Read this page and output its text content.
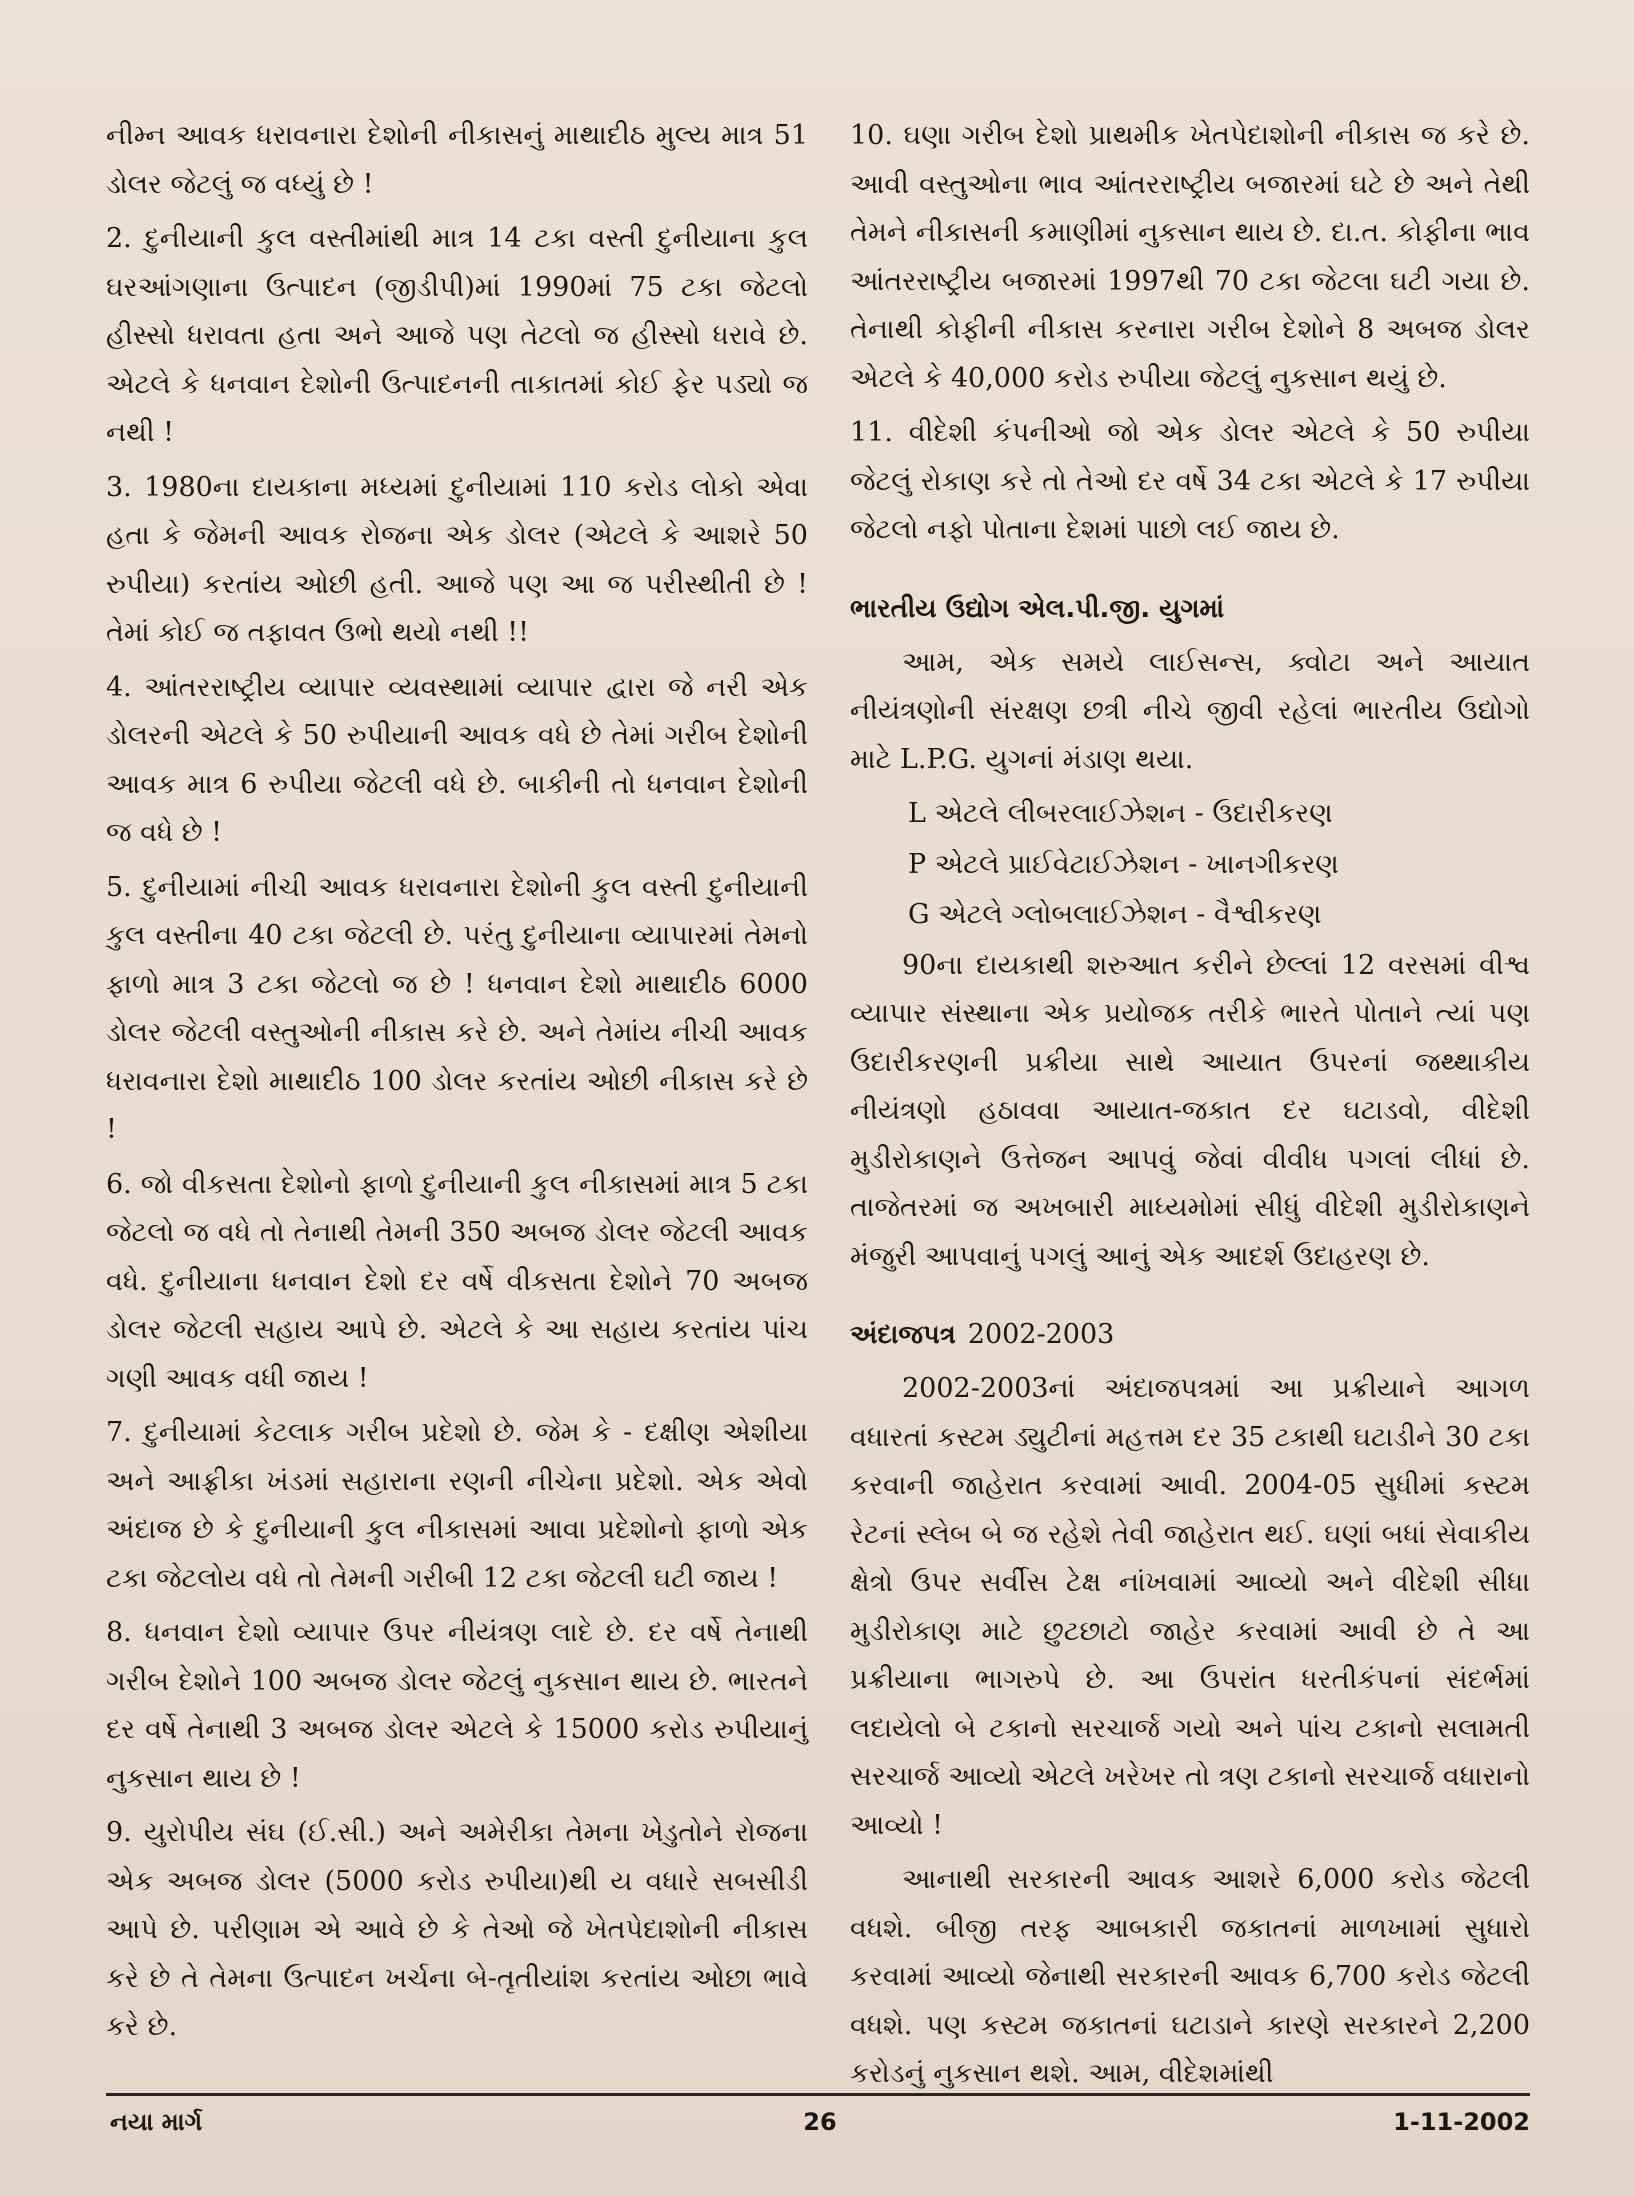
નીમ્ન આવક ધરાવનારા દેશોની નીકાસનું માથાદીઠ મુલ્ય માત્ર 51 ડોલર જેટલું જ વધ્યું છે !

2. દુનીયાની કુલ વસ્તીમાંથી માત્ર 14 ટકા વસ્તી દુનીયાના કુલ ઘરઆંગણાના ઉત્પાદન (જીડીપી)માં 1990માં 75 ટકા જેટલો હીસ્સો ધરાવતા હતા અને આજે પણ તેટલો જ હીસ્સો ધરાવે છે. એટલે કે ધનવાન દેશોની ઉત્પાદનની તાકાતમાં કોઈ ફેર પડ્યો જ નથી !

3. 1980ના દાયકાના મધ્યમાં દુનીયામાં 110 કરોડ લોકો એવા હતા કે જેમની આવક રોજના એક ડોલર (એટલે કે આશરે 50 રુપીયા) કરતાંય ઓછી હતી. આજે પણ આ જ પરીસ્થીતી છે ! તેમાં કોઈ જ તફાવત ઉભો થયો નથી !!

4. આંતરરાષ્ટ્રીય વ્યાપાર વ્યવસ્થામાં વ્યાપાર દ્વારા જે નરી એક ડોલરની એટલે કે 50 રુપીયાની આવક વધે છે તેમાં ગરીબ દેશોની આવક માત્ર 6 રુપીયા જેટલી વધે છે. બાકીની તો ધનવાન દેશોની જ વધે છે !

5. દુનીયામાં નીચી આવક ધરાવનારા દેશોની કુલ વસ્તી દુનીયાની કુલ વસ્તીના 40 ટકા જેટલી છે. પરંતુ દુનીયાના વ્યાપારમાં તેમનો ફાળો માત્ર 3 ટકા જેટલો જ છે ! ધનવાન દેશો માથાદીઠ 6000 ડોલર જેટલી વસ્તુઓની નીકાસ કરે છે. અને તેમાંય નીચી આવક ધરાવનારા દેશો માથાદીઠ 100 ડોલર કરતાંય ઓછી નીકાસ કરે છે !

6. જો વીકસતા દેશોનો ફાળો દુનીયાની કુલ નીકાસમાં માત્ર 5 ટકા જેટલો જ વધે તો તેનાથી તેમની 350 અબજ ડોલર જેટલી આવક વધે. દુનીયાના ધનવાન દેશો દર વર્ષે વીકસતા દેશોને 70 અબજ ડોલર જેટલી સહાય આપે છે. એટલે કે આ સહાય કરતાંય પાંચ ગણી આવક વધી જાય !

7. દુનીયામાં કેટલાક ગરીબ પ્રદેશો છે. જેમ કે - દક્ષીણ એશીયા અને આફ્રીકા ખંડમાં સહારાના રણની નીચેના પ્રદેશો. એક એવો અંદાજ છે કે દુનીયાની કુલ નીકાસમાં આવા પ્રદેશોનો ફાળો એક ટકા જેટલોય વધે તો તેમની ગરીબી 12 ટકા જેટલી ઘટી જાય !

8. ધનવાન દેશો વ્યાપાર ઉપર નીયંત્રણ લાદે છે. દર વર્ષે તેનાથી ગરીબ દેશોને 100 અબજ ડોલર જેટલું નુકસાન થાય છે. ભારતને દર વર્ષે તેનાથી 3 અબજ ડોલર એટલે કે 15000 કરોડ રુપીયાનું નુકસાન થાય છે !

9. યુરોપીય સંઘ (ઈ.સી.) અને અમેરીકા તેમના ખેડુતોને રોજના એક અબજ ડોલર (5000 કરોડ રુપીયા)થી ય વધારે સબસીડી આપે છે. પરીણામ એ આવે છે કે તેઓ જે ખેતપેદાશોની નીકાસ કરે છે તે તેમના ઉત્પાદન ખર્ચના બે-તૃતીયાંશ કરતાંય ઓછા ભાવે કરે છે.

10. ઘણા ગરીબ દેશો પ્રાથમીક ખેતપેદાશોની નીકાસ જ કરે છે. આવી વસ્તુઓના ભાવ આંતરરાષ્ટ્રીય બજારમાં ઘટે છે અને તેથી તેમને નીકાસની કમાણીમાં નુકસાન થાય છે. દા.ત. કોફીના ભાવ આંતરરાષ્ટ્રીય બજારમાં 1997થી 70 ટકા જેટલા ઘટી ગયા છે. તેનાથી કોફીની નીકાસ કરનારા ગરીબ દેશોને 8 અબજ ડોલર એટલે કે 40,000 કરોડ રુપીયા જેટલું નુકસાન થયું છે.

11. વીદેશી કંપનીઓ જો એક ડોલર એટલે કે 50 રુપીયા જેટલું રોકાણ કરે તો તેઓ દર વર્ષે 34 ટકા એટલે કે 17 રુપીયા જેટલો નફો પોતાના દેશમાં પાછો લઈ જાય છે.

ભારતીય ઉદ્યોગ એલ.પી.જી. યુગમાં

આમ, એક સમયે લાઈસન્સ, ક્વોટા અને આયાત નીયંત્રણોની સંરક્ષણ છત્રી નીચે જીવી રહેલાં ભારતીય ઉદ્યોગો માટે L.P.G. યુગનાં મંડાણ થયા.

L એટલે લીબરલાઈઝેશન - ઉદારીકરણ

P એટલે પ્રાઈવેટાઈઝેશન - ખાનગીકરણ

G એટલે ગ્લોબલાઈઝેશન - વૈશ્વીકરણ

90ના દાયકાથી શરુઆત કરીને છેલ્લાં 12 વરસમાં વીશ્વ વ્યાપાર સંસ્થાના એક પ્રયોજક તરીકે ભારતે પોતાને ત્યાં પણ ઉદારીકરણની પ્રક્રીયા સાથે આયાત ઉપરનાં જથ્થાકીય નીયંત્રણો હઠાવવા આયાત-જકાત દર ઘટાડવો, વીદેશી મુડીરોકાણને ઉત્તેજન આપવું જેવાં વીવીધ પગલાં લીધાં છે. તાજેતરમાં જ અખબારી માધ્યમોમાં સીધું વીદેશી મુડીરોકાણને મંજુરી આપવાનું પગલું આનું એક આદર્શ ઉદાહરણ છે.

અંદાજપત્ર 2002-2003

2002-2003નાં અંદાજપત્રમાં આ પ્રક્રીયાને આગળ વધારતાં કસ્ટમ ડ્યુટીનાં મહત્તમ દર 35 ટકાથી ઘટાડીને 30 ટકા કરવાની જાહેરાત કરવામાં આવી. 2004-05 સુધીમાં કસ્ટમ રેટનાં સ્લેબ બે જ રહેશે તેવી જાહેરાત થઈ. ઘણાં બધાં સેવાકીય ક્ષેત્રો ઉપર સર્વીસ ટેક્ષ નાંખવામાં આવ્યો અને વીદેશી સીધા મુડીરોકાણ માટે છુટછાટો જાહેર કરવામાં આવી છે તે આ પ્રક્રીયાના ભાગરુપે છે. આ ઉપરાંત ધરતીકંપનાં સંદર્ભમાં લદાયેલો બે ટકાનો સરચાર્જ ગયો અને પાંચ ટકાનો સલામતી સરચાર્જ આવ્યો એટલે ખરેખર તો ત્રણ ટકાનો સરચાર્જ વધારાનો આવ્યો !

આનાથી સરકારની આવક આશરે 6,000 કરોડ જેટલી વધશે. બીજી તરફ આબકારી જકાતનાં માળખામાં સુધારો કરવામાં આવ્યો જેનાથી સરકારની આવક 6,700 કરોડ જેટલી વધશે. પણ કસ્ટમ જકાતનાં ઘટાડાને કારણે સરકારને 2,200 કરોડનું નુકસાન થશે. આમ, વીદેશમાંથી

નયા માર્ગ	26	1-11-2002
